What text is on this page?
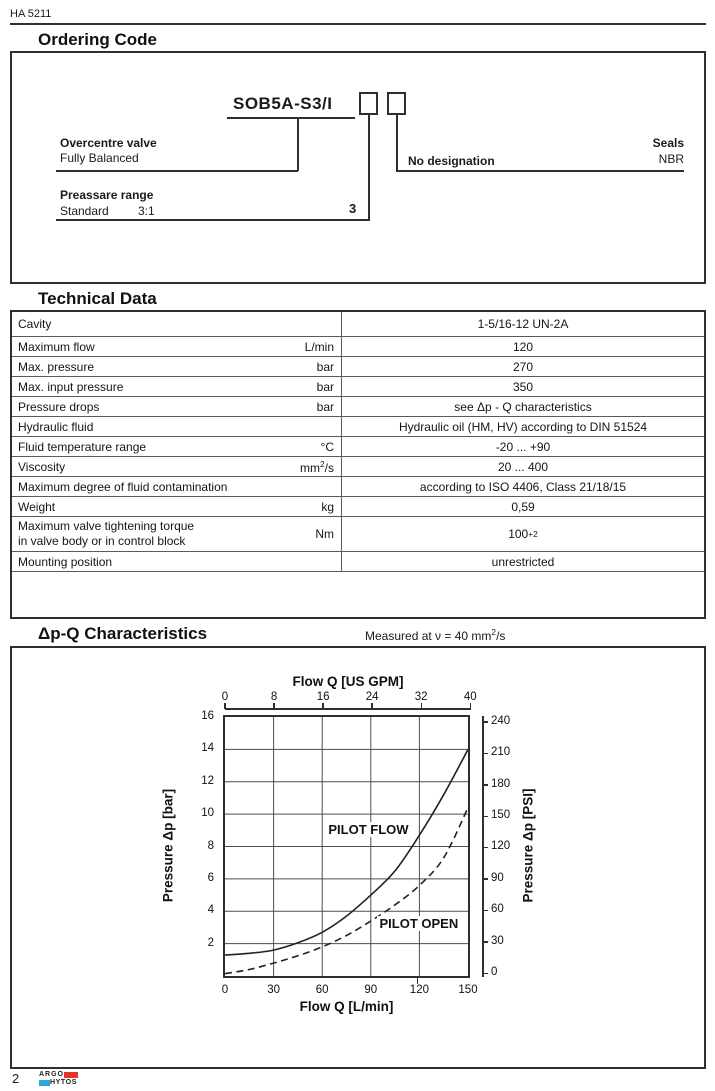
HA 5211
Ordering Code
SOB5A-S3/I
Overcentre valve
Fully Balanced
Seals
NBR
No designation
Preassare range
Standard 3:1	3
Technical Data
Cavity	1-5/16-12 UN-2A
Maximum flow	L/min	120
Max. pressure	bar	270
Max. input pressure	bar	350
Pressure drops	bar	see Δp - Q characteristics
Hydraulic fluid	Hydraulic oil (HM, HV) according to DIN 51524
Fluid temperature range	°C	-20 ... +90
Viscosity	$mm^2/s$	20 ... 400
Maximum degree of fluid contamination	according to ISO 4406, Class 21/18/15
Weight	kg	0,59
Maximum valve tightening torque
in valve body or in control block	Nm	100 +2
Mounting position	unrestricted
Δp-Q Characteristics	Measured at ν = 40 $mm^2/s$
Flow Q [US GPM]
Flow Q [L/min]
Pressure Δp [bar]	Pressure Δp [PSI]
0	8	16	24	32	40
0	30	60	90	120	150
16
14
12
10
8
6
4
2
240
210
180
150
120
90
60
30
0
PILOT FLOW
PILOT OPEN
2	ARGO
HYTOS
